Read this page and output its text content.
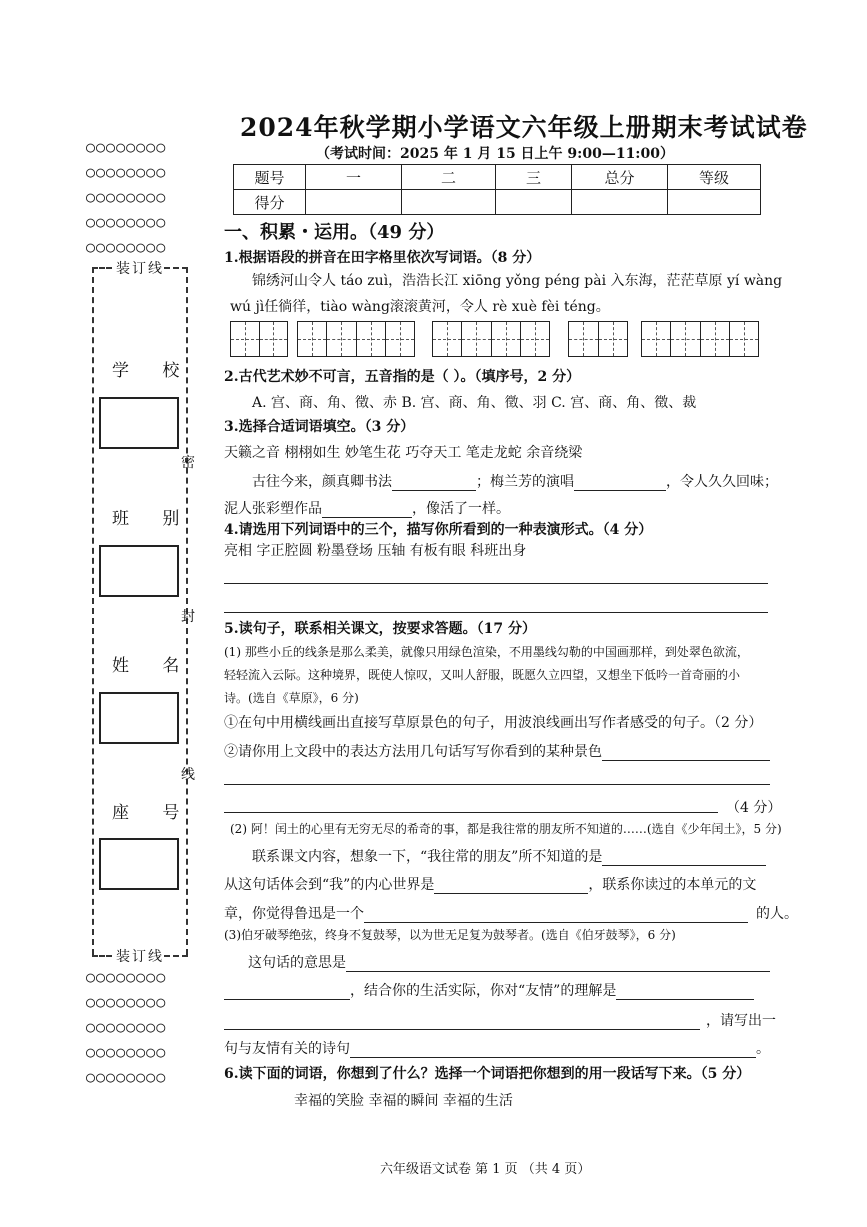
○○○○○○○○
○○○○○○○○
○○○○○○○○
○○○○○○○○
○○○○○○○○
装订线
装订线
学 校
班 别
姓 名
座 号
密
封
线
○○○○○○○○
○○○○○○○○
○○○○○○○○
○○○○○○○○
○○○○○○○○
2024年秋学期小学语文六年级上册期末考试试卷
（考试时间：2025 年 1 月 15 日上午 9:00—11:00）
题号	一	二	三	总分	等级
得分					
一、积累・运用。（49 分）
1.根据语段的拼音在田字格里依次写词语。（8 分）
锦绣河山令人 táo zuì，浩浩长江 xiōng yǒng péng pài 入东海，茫茫草原 yí wàng
wú jì任徜徉，tiào wàng滚滚黄河，令人 rè xuè fèi téng。
2.古代艺术妙不可言，五音指的是（ ）。（填序号，2 分）
A. 宫、商、角、徵、赤 B. 宫、商、角、徵、羽 C. 宫、商、角、徵、裁
3.选择合适词语填空。（3 分）
天籁之音 栩栩如生 妙笔生花 巧夺天工 笔走龙蛇 余音绕梁
古往今来，颜真卿书法	；梅兰芳的演唱	，令人久久回味；
泥人张彩塑作品	，像活了一样。
4.请选用下列词语中的三个，描写你所看到的一种表演形式。（4 分）
亮相 字正腔圆 粉墨登场 压轴 有板有眼 科班出身
5.读句子，联系相关课文，按要求答题。（17 分）
(1) 那些小丘的线条是那么柔美，就像只用绿色渲染，不用墨线勾勒的中国画那样，到处翠色欲流，
轻轻流入云际。这种境界，既使人惊叹，又叫人舒服，既愿久立四望，又想坐下低吟一首奇丽的小
诗。(选自《草原》，6 分)
①在句中用横线画出直接写草原景色的句子，用波浪线画出写作者感受的句子。（2 分）
②请你用上文段中的表达方法用几句话写写你看到的某种景色
（4 分）
(2) 阿！闰土的心里有无穷无尽的希奇的事，都是我往常的朋友所不知道的……(选自《少年闰土》，5 分)
联系课文内容，想象一下，“我往常的朋友”所不知道的是
从这句话体会到“我”的内心世界是	，联系你读过的本单元的文
章，你觉得鲁迅是一个	的人。
(3)伯牙破琴绝弦，终身不复鼓琴，以为世无足复为鼓琴者。(选自《伯牙鼓琴》，6 分)
这句话的意思是
，结合你的生活实际，你对“友情”的理解是
，请写出一
句与友情有关的诗句	。
6.读下面的词语，你想到了什么？选择一个词语把你想到的用一段话写下来。（5 分）
幸福的笑脸 幸福的瞬间 幸福的生活
六年级语文试卷 第 1 页 （共 4 页）
